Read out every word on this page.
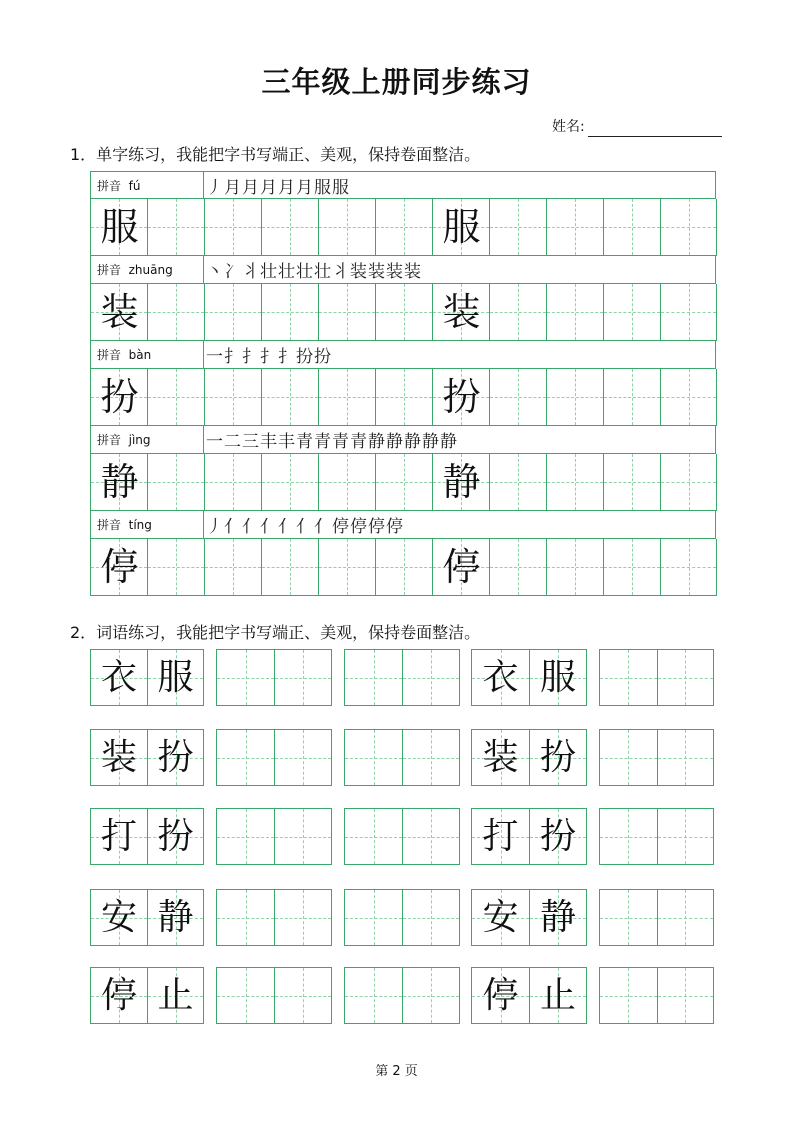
三年级上册同步练习
姓名:
1．单字练习，我能把字书写端正、美观，保持卷面整洁。
拼音  fú	丿月月月月月服服
服	服
拼音  zhuāng 丶冫丬壮壮壮壮丬装装装装
装	装
拼音  bàn	一扌扌扌扌扮扮
扮	扮
拼音  jìng	一二三丰丰青青青青静静静静静
静	静
拼音  tíng	丿亻亻亻亻亻亻停停停停
停	停
2．词语练习，我能把字书写端正、美观，保持卷面整洁。
衣 服	衣 服
装 扮	装 扮
打 扮	打 扮
安 静	安 静
停 止	停 止
第 2 页
